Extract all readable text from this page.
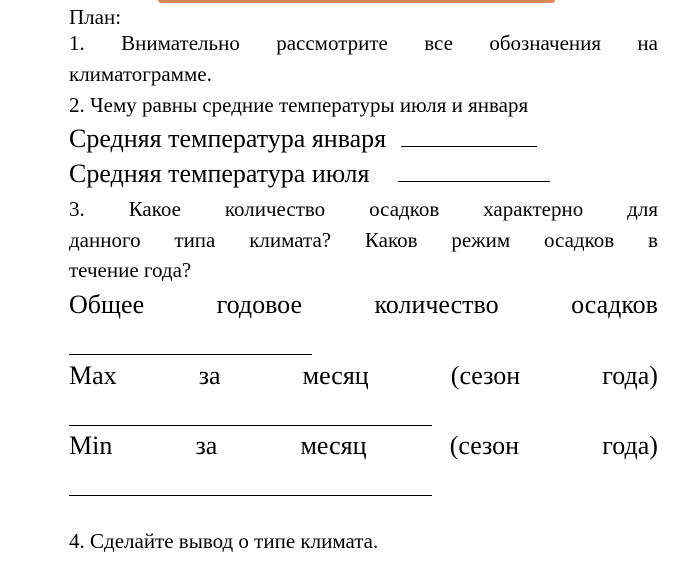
План:
1. Внимательно рассмотрите все обозначения на
климатограмме.
2. Чему равны средние температуры июля и января
Средняя температура января
Средняя температура июля
3. Какое количество осадков характерно для
данного типа климата? Каков режим осадков в
течение года?
Общее	годовое	количество	осадков
Max	за	месяц	(сезон	года)
Min	за	месяц	(сезон	года)
4. Сделайте вывод о типе климата.
